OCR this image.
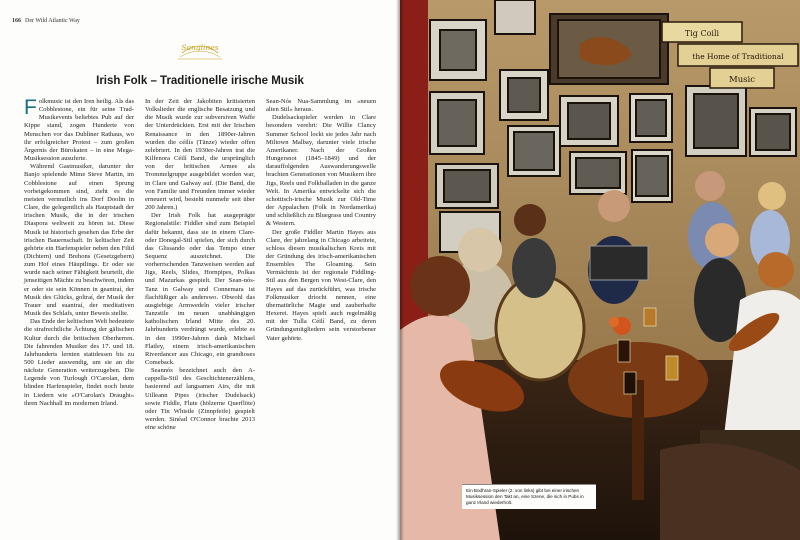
166 Der Wild Atlantic Way
Songlines
Irish Folk – Traditionelle irische Musik

Folkmusic ist den Iren heilig. Als das Cobblestone, ein für seine Trad-Musikevents beliebtes Pub auf der Kippe stand, zogen Hunderte von Menschen vor das Dubliner Rathaus, wo ihr erfolgreicher Protest – zum großen Ärgernis der Bürokaten – in eine Mega-Musiksession ausuferte.

Während Gastmusiker, darunter der Banjo spielende Mime Steve Martin, im Cobblestone auf einen Sprung vorbeigekommen sind, zieht es die meisten vermutlich ins Dorf Doolin in Clare, die gelegentlich als Hauptstadt der irischen Musik, die in der irischen Diaspora weltweit zu hören ist. Diese Musik ist historisch gesehen das Erbe der irischen Bauernschaft. In keltischer Zeit gehörte ein Harfenspieler neben den Filid (Dichtern) und Brehons (Gesetzgebern) zum Hof eines Häuptlings. Er oder sie wurde nach seiner Fähigkeit beurteilt, die jenseitigen Mächte zu beschwören, indem er oder sie sein Können in geantraí, der Musik des Glücks, goltraí, der Musik der Trauer und suantraí, der meditativen Musik des Schlafs, unter Beweis stellte.

Das Ende der keltischen Welt bedeutete die strafrechtliche Ächtung der gälischen Kultur durch die britischen Oberherren. Die fahrenden Musiker des 17. und 18. Jahrhunderts lernten stattdessen bis zu 500 Lieder auswendig, um sie an die nächste Generation weiterzugeben. Die Legende von Turlough O'Carolan, dem blinden Harfenspieler, findet noch heute in Liedern wie »O'Carolan's Draught« ihren Nachhall im modernen Irland.

In der Zeit der Jakobiten kritisierten Volkslieder die englische Besatzung und die Musik wurde zur subversiven Waffe der Unterdrückten. Erst mit der Irischen Renaissance in den 1890er-Jahren wurden die céilís (Tänze) wieder offen zelebriert. In den 1930er-Jahren trat die Kilfenora Céilí Band, die ursprünglich von der britischen Armee als Trommelgruppe ausgebildet worden war, in Clare und Galway auf. (Die Band, die von Familie und Freunden immer wieder erneuert wird, besteht nunmehr seit über 200 Jahren.)

Der Irish Folk hat ausgeprägte Regionalstile: Fiddler sind zum Beispiel dafür bekannt, dass sie in einem Clare- oder Donegal-Stil spielen, der sich durch das Glissando oder das Tempo einer Sequenz auszeichnet. Die vorherrschenden Tanzweisen werden auf Jigs, Reels, Slides, Hornpipes, Polkas und Mazurkas gespielt. Der Sean-nós-Tanz in Galway und Connemara ist flachfüßiger als anderswo. Obwohl das ausgiebige Armwedeln vieler irischer Tanzstile im neuen unabhängigen katholischen Irland Mitte des 20. Jahrhunderts verdrängt wurde, erlebte es in den 1990er-Jahren dank Michael Flatley, einem irisch-amerikanischen Riverdancer aus Chicago, ein grandioses Comeback.

Seannós bezeichnet auch den A-cappella-Stil des Geschichtenerzählens, basierend auf langsamen Airs, die mit Uilleann Pipes (irischer Dudelsack) sowie Fiddle, Flute (hölzerne Querflöte) oder Tin Whistle (Zinnpfeife) gespielt werden. Sinéad O'Connor brachte 2013 eine schöne

Sean-Nós Nua-Sammlung im »neuen alten Stil« heraus.

Dudelsackspieler werden in Clare besonders verehrt: Die Willie Clancy Summer School lockt sie jedes Jahr nach Miltown Malbay, darunter viele irische Amerikaner. Nach der Großen Hungersnot (1845–1849) und der darauffolgenden Auswanderungswelle brachten Generationen von Musikern ihre Jigs, Reels und Folkballaden in die ganze Welt. In Amerika entwickelte sich die schottisch-irische Musik zur Old-Time der Appalachen (Folk in Nordamerika) und schließlich zu Bluegrass und Country & Western.

Der große Fiddler Martin Hayes aus Clare, der jahrelang in Chicago arbeitete, schloss diesen musikalischen Kreis mit der Gründung des irisch-amerikanischen Ensembles The Gloaming. Sein Vermächtnis ist der regionale Fiddling-Stil aus den Bergen von West-Clare, den Hayes auf das zurückführt, was irische Folkmusiker dríocht nennen, eine übernatürliche Magie und zauberhafte Hexerei. Hayes spielt auch regelmäßig mit der Tulla Céilí Band, zu deren Gründungsmitgliedern sein verstorbener Vater gehörte.

Tig Coili
the Home of Traditional
Music
Ein Bodhran-Spieler (2. von links) gibt bei einer irischen Musiksession den Takt an, eine Szene, die sich in Pubs in ganz Irland wiederholt.
